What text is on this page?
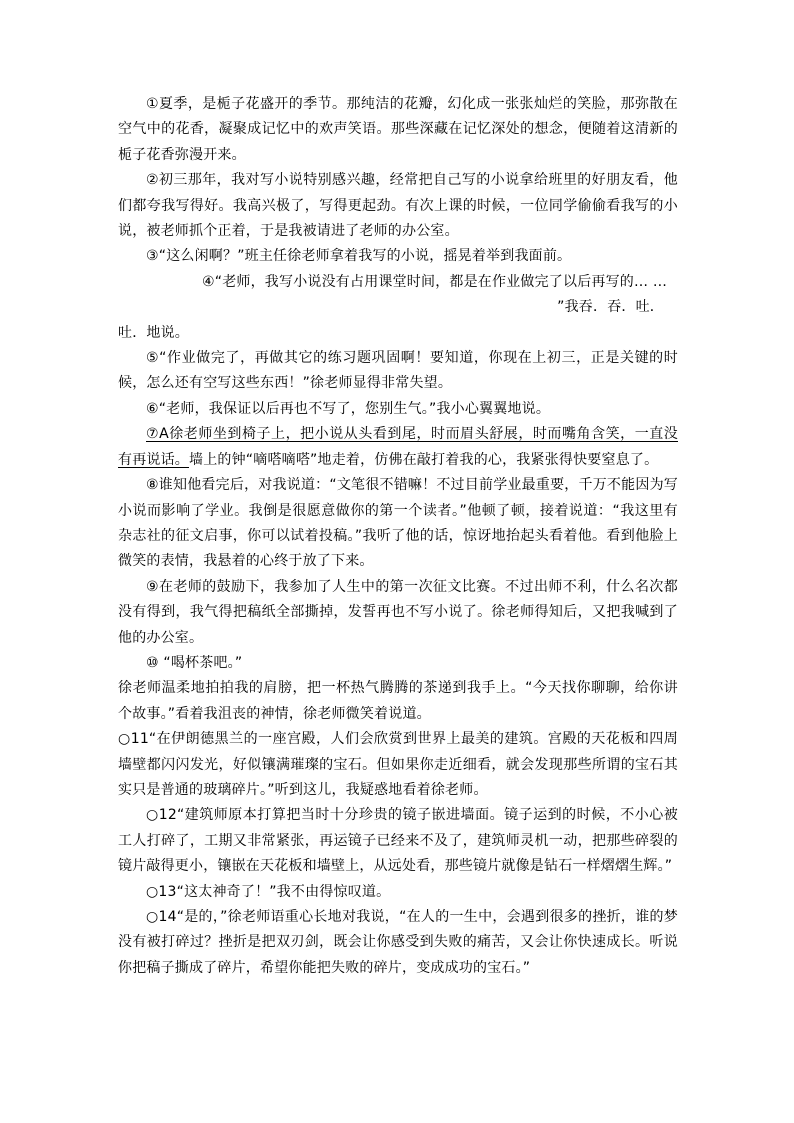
①夏季，是栀子花盛开的季节。那纯洁的花瓣，幻化成一张张灿烂的笑脸，那弥散在空气中的花香，凝聚成记忆中的欢声笑语。那些深藏在记忆深处的想念，便随着这清新的栀子花香弥漫开来。

②初三那年，我对写小说特别感兴趣，经常把自己写的小说拿给班里的好朋友看，他们都夸我写得好。我高兴极了，写得更起劲。有次上课的时候，一位同学偷偷看我写的小说，被老师抓个正着，于是我被请进了老师的办公室。

③“这么闲啊？”班主任徐老师拿着我写的小说，摇晃着举到我面前。

④“老师，我写小说没有占用课堂时间，都是在作业做完了以后再写的… …

”我吞．吞．吐．

吐．地说。

⑤“作业做完了，再做其它的练习题巩固啊！要知道，你现在上初三，正是关键的时候，怎么还有空写这些东西！”徐老师显得非常失望。

⑥“老师，我保证以后再也不写了，您别生气。”我小心翼翼地说。

⑦A徐老师坐到椅子上，把小说从头看到尾，时而眉头舒展，时而嘴角含笑，一直没有再说话。墙上的钟“嘀嗒嘀嗒”地走着，仿佛在敲打着我的心，我紧张得快要窒息了。

⑧谁知他看完后，对我说道：“文笔很不错嘛！不过目前学业最重要，千万不能因为写小说而影响了学业。我倒是很愿意做你的第一个读者。”他顿了顿，接着说道：“我这里有杂志社的征文启事，你可以试着投稿。”我听了他的话，惊讶地抬起头看着他。看到他脸上微笑的表情，我悬着的心终于放了下来。

⑨在老师的鼓励下，我参加了人生中的第一次征文比赛。不过出师不利，什么名次都没有得到，我气得把稿纸全部撕掉，发誓再也不写小说了。徐老师得知后，又把我喊到了他的办公室。

⑩ “喝杯茶吧。”

徐老师温柔地拍拍我的肩膀，把一杯热气腾腾的茶递到我手上。“今天找你聊聊，给你讲个故事。”看着我沮丧的神情，徐老师微笑着说道。

○11“在伊朗德黑兰的一座宫殿，人们会欣赏到世界上最美的建筑。宫殿的天花板和四周墙壁都闪闪发光，好似镶满璀璨的宝石。但如果你走近细看，就会发现那些所谓的宝石其实只是普通的玻璃碎片。”听到这儿，我疑惑地看着徐老师。

○12“建筑师原本打算把当时十分珍贵的镜子嵌进墙面。镜子运到的时候，不小心被工人打碎了，工期又非常紧张，再运镜子已经来不及了，建筑师灵机一动，把那些碎裂的镜片敲得更小，镶嵌在天花板和墙壁上，从远处看，那些镜片就像是钻石一样熠熠生辉。”

○13“这太神奇了！”我不由得惊叹道。

○14“是的，”徐老师语重心长地对我说，“在人的一生中，会遇到很多的挫折，谁的梦没有被打碎过？挫折是把双刃剑，既会让你感受到失败的痛苦，又会让你快速成长。听说你把稿子撕成了碎片，希望你能把失败的碎片，变成成功的宝石。”
